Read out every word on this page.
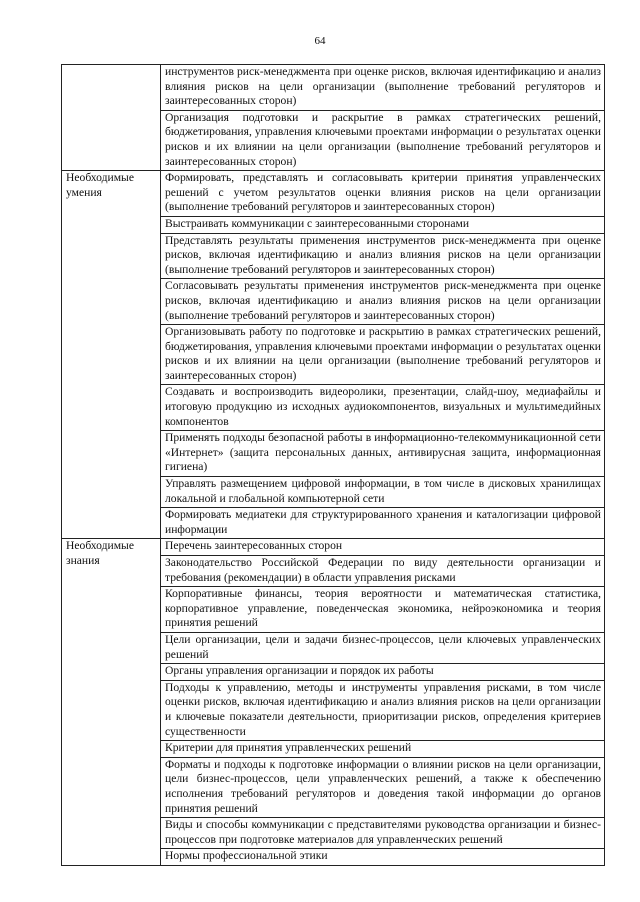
64
	инструментов риск-менеджмента при оценке рисков, включая идентификацию и анализ влияния рисков на цели организации (выполнение требований регуляторов и заинтересованных сторон)
	Организация подготовки и раскрытие в рамках стратегических решений, бюджетирования, управления ключевыми проектами информации о результатах оценки рисков и их влиянии на цели организации (выполнение требований регуляторов и заинтересованных сторон)
Необходимые умения	Формировать, представлять и согласовывать критерии принятия управленческих решений с учетом результатов оценки влияния рисков на цели организации (выполнение требований регуляторов и заинтересованных сторон)
	Выстраивать коммуникации с заинтересованными сторонами
	Представлять результаты применения инструментов риск-менеджмента при оценке рисков, включая идентификацию и анализ влияния рисков на цели организации (выполнение требований регуляторов и заинтересованных сторон)
	Согласовывать результаты применения инструментов риск-менеджмента при оценке рисков, включая идентификацию и анализ влияния рисков на цели организации (выполнение требований регуляторов и заинтересованных сторон)
	Организовывать работу по подготовке и раскрытию в рамках стратегических решений, бюджетирования, управления ключевыми проектами информации о результатах оценки рисков и их влиянии на цели организации (выполнение требований регуляторов и заинтересованных сторон)
	Создавать и воспроизводить видеоролики, презентации, слайд-шоу, медиафайлы и итоговую продукцию из исходных аудиокомпонентов, визуальных и мультимедийных компонентов
	Применять подходы безопасной работы в информационно-телекоммуникационной сети «Интернет» (защита персональных данных, антивирусная защита, информационная гигиена)
	Управлять размещением цифровой информации, в том числе в дисковых хранилищах локальной и глобальной компьютерной сети
	Формировать медиатеки для структурированного хранения и каталогизации цифровой информации
Необходимые знания	Перечень заинтересованных сторон
	Законодательство Российской Федерации по виду деятельности организации и требования (рекомендации) в области управления рисками
	Корпоративные финансы, теория вероятности и математическая статистика, корпоративное управление, поведенческая экономика, нейроэкономика и теория принятия решений
	Цели организации, цели и задачи бизнес-процессов, цели ключевых управленческих решений
	Органы управления организации и порядок их работы
	Подходы к управлению, методы и инструменты управления рисками, в том числе оценки рисков, включая идентификацию и анализ влияния рисков на цели организации и ключевые показатели деятельности, приоритизации рисков, определения критериев существенности
	Критерии для принятия управленческих решений
	Форматы и подходы к подготовке информации о влиянии рисков на цели организации, цели бизнес-процессов, цели управленческих решений, а также к обеспечению исполнения требований регуляторов и доведения такой информации до органов принятия решений
	Виды и способы коммуникации с представителями руководства организации и бизнес-процессов при подготовке материалов для управленческих решений
	Нормы профессиональной этики
